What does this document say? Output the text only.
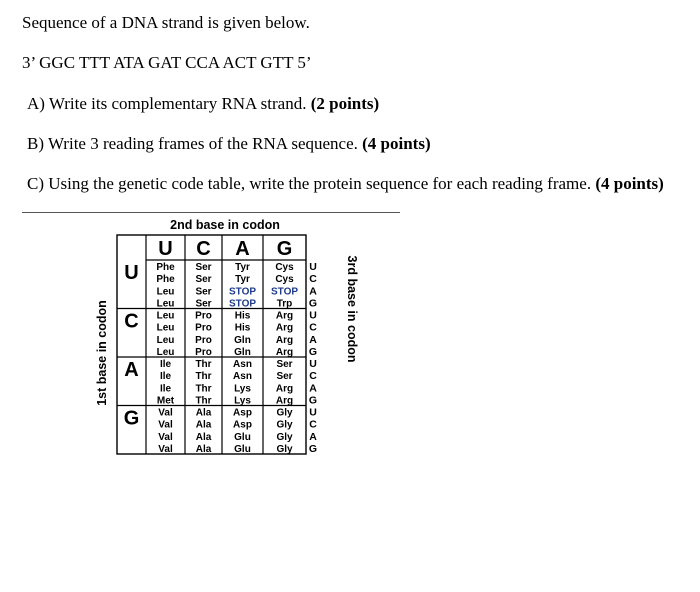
Sequence of a DNA strand is given below.
3’ GGC TTT ATA GAT CCA ACT GTT 5’
A) Write its complementary RNA strand. (2 points)
B) Write 3 reading frames of the RNA sequence. (4 points)
C) Using the genetic code table, write the protein sequence for each reading frame. (4 points)
2nd base in codon
1st base in codon	3rd base in codon
U C A G
U Phe
Phe
Leu
Leu
Ser
Ser
Ser
Ser
Tyr
Tyr
STOP
STOP
Cys
Cys
STOP
Trp
U
C
A
G
C Leu
Leu
Leu
Leu
Pro
Pro
Pro
Pro
His
His
Gln
Gln
Arg
Arg
Arg
Arg
U
C
A
G
A Ile
Ile
Ile
Met
Thr
Thr
Thr
Thr
Asn
Asn
Lys
Lys
Ser
Ser
Arg
Arg
U
C
A
G
G Val
Val
Val
Val
Ala
Ala
Ala
Ala
Asp
Asp
Glu
Glu
Gly
Gly
Gly
Gly
U
C
A
G
